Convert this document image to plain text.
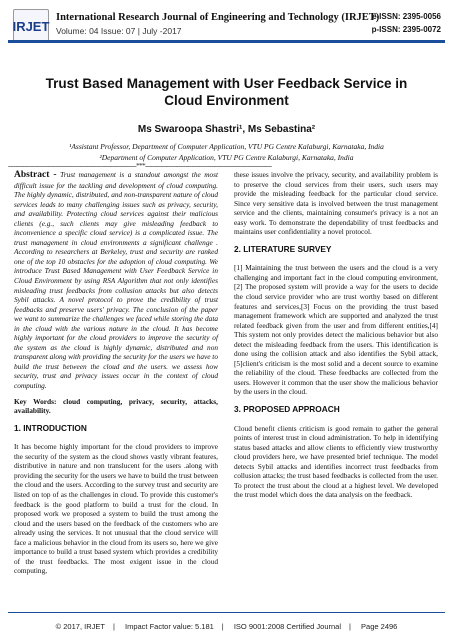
IRJET
International Research Journal of Engineering and Technology (IRJET)
e-ISSN: 2395-0056
p-ISSN: 2395-0072
Volume: 04 Issue: 07 | July -2017
Trust Based Management with User Feedback Service in Cloud Environment
Ms Swaroopa Shastri¹, Ms Sebastina²
¹Assistant Professor, Department of Computer Application, VTU PG Centre Kalaburgi, Karnataka, India
²Department of Computer Application, VTU PG Centre Kalaburgi, Karnataka, India
----------------------------------------------------------------------***---------------------------------------------------------------------

Abstract - Trust management is a standout amongst the most difficult issue for the tackling and development of cloud computing. The highly dynamic, distributed, and non-transparent nature of cloud services leads to many challenging issues such as privacy, security, and availability. Protecting cloud services against their malicious clients (e.g., such clients may give misleading feedback to inconvenience a specific cloud service) is a complicated issue. The trust management in cloud environments a significant challenge . According to researchers at Berkeley, trust and security are ranked one of the top 10 obstacles for the adoption of cloud computing. We introduce Trust Based Management with User Feedback Service in Cloud Environment by using RSA Algorithm that not only identifies misleading trust feedbacks from collusion attacks but also detects Sybil attacks. A novel protocol to prove the credibility of trust feedbacks and preserve users' privacy. The conclusion of the paper we want to summarize the challenges we faced while storing the data in the cloud with the various nature in the cloud. It has become highly important for the cloud providers to improve the security of the system as the cloud is highly dynamic, distributed and non transparent along with providing the security for the users we have to build the trust between the cloud and the users. we assess how security, trust and privacy issues occur in the context of cloud computing.

Key Words: cloud computing, privacy, security, attacks, availability.

1. INTRODUCTION

It has become highly important for the cloud providers to improve the security of the system as the cloud shows vastly vibrant features, distributive in nature and non translucent for the users .along with providing the security for the users we have to build the trust between the cloud and the users. According to the survey trust and security are listed on top of as the challenges in cloud. To provide this customer's feedback is the good platform to build a trust for the cloud. In proposed work we proposed a system to build the trust among the cloud and the users based on the feedback of the customers who are already using the services. It not unusual that the cloud service will face a malicious behavior in the cloud from its users so, here we give importance to build a trust based system which provides a credibility of the trust feedbacks. The most exigent issue in the cloud computing,

these issues involve the privacy, security, and availability problem is to preserve the cloud services from their users, such users may provide the misleading feedback for the particular cloud service. Since very sensitive data is involved between the trust management service and the clients, maintaining consumer's privacy is a not an easy work. To demonstrate the dependability of trust feedbacks and maintains user confidentiality a novel protocol.

2. LITERATURE SURVEY

[1] Maintaining the trust between the users and the cloud is a very challenging and important fact in the cloud computing environment, [2] The proposed system will provide a way for the users to decide the cloud service provider who are trust worthy based on different features and services,[3] Focus on the providing the trust based management framework which are supported and analyzed the trust related feedback given from the user and from different entities,[4] This system not only provides detect the malicious behavior but also detect the misleading feedback from the users. This identification is done using the collision attack and also identifies the Sybil attack,[5]client's criticism is the most solid and a decent source to examine the reliability of the cloud. These feedbacks are collected from the users. However it common that the user show the malicious behavior by the users in the cloud.

3. PROPOSED APPROACH

Cloud benefit clients criticism is good remain to gather the general points of interest trust in cloud administration. To help in identifying status based attacks and allow clients to efficiently view trustworthy cloud providers here, we have presented brief technique. The model detects Sybil attacks and identifies incorrect trust feedbacks from collusion attacks; the trust based feedbacks is collected from the user. To protect the trust about the cloud at a highest level. We developed the trust model which does the data analysis on the feedback.

© 2017, IRJET | Impact Factor value: 5.181 | ISO 9001:2008 Certified Journal | Page 2496
